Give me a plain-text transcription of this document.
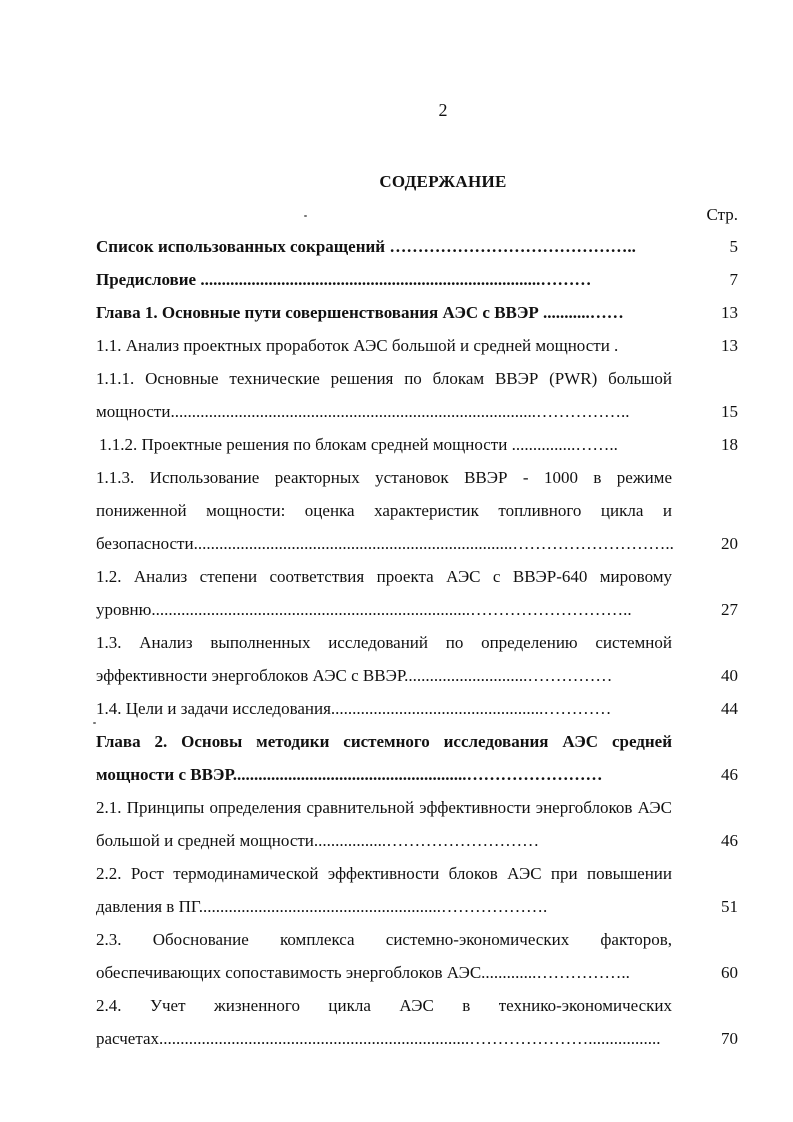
2
СОДЕРЖАНИЕ
Стр.
Список использованных сокращений ……………………………………..	5
Предисловие ................................................................................………	7
Глава 1. Основные пути совершенствования АЭС с ВВЭР ...........……	13
1.1. Анализ проектных проработок АЭС большой и средней мощности .	13
1.1.1. Основные технические решения по блокам ВВЭР (PWR) большой мощности......................................................................................……………..	15
1.1.2. Проектные решения по блокам средней мощности ...............……..	18
1.1.3. Использование реакторных установок ВВЭР - 1000 в режиме пониженной мощности: оценка характеристик топливного цикла и безопасности...........................................................................………………………..	20
1.2. Анализ степени соответствия проекта АЭС с ВВЭР-640 мировому уровню...........................................................................………………………..	27
1.3. Анализ выполненных исследований по определению системной эффективности энергоблоков АЭС с ВВЭР.............................……………	40
1.4. Цели и задачи исследования..................................................…………	44
Глава 2. Основы методики системного исследования АЭС средней мощности с ВВЭР.......................................................……………………	46
2.1. Принципы определения сравнительной эффективности энергоблоков АЭС большой и средней мощности.................………………………	46
2.2. Рост термодинамической эффективности блоков АЭС при повышении давления в ПГ.........................................................……………….	51
2.3. Обоснование комплекса системно-экономических факторов, обеспечивающих сопоставимость энергоблоков АЭС.............……………..	60
2.4. Учет жизненного цикла АЭС в технико-экономических расчетах.........................................................................………………….................	70
